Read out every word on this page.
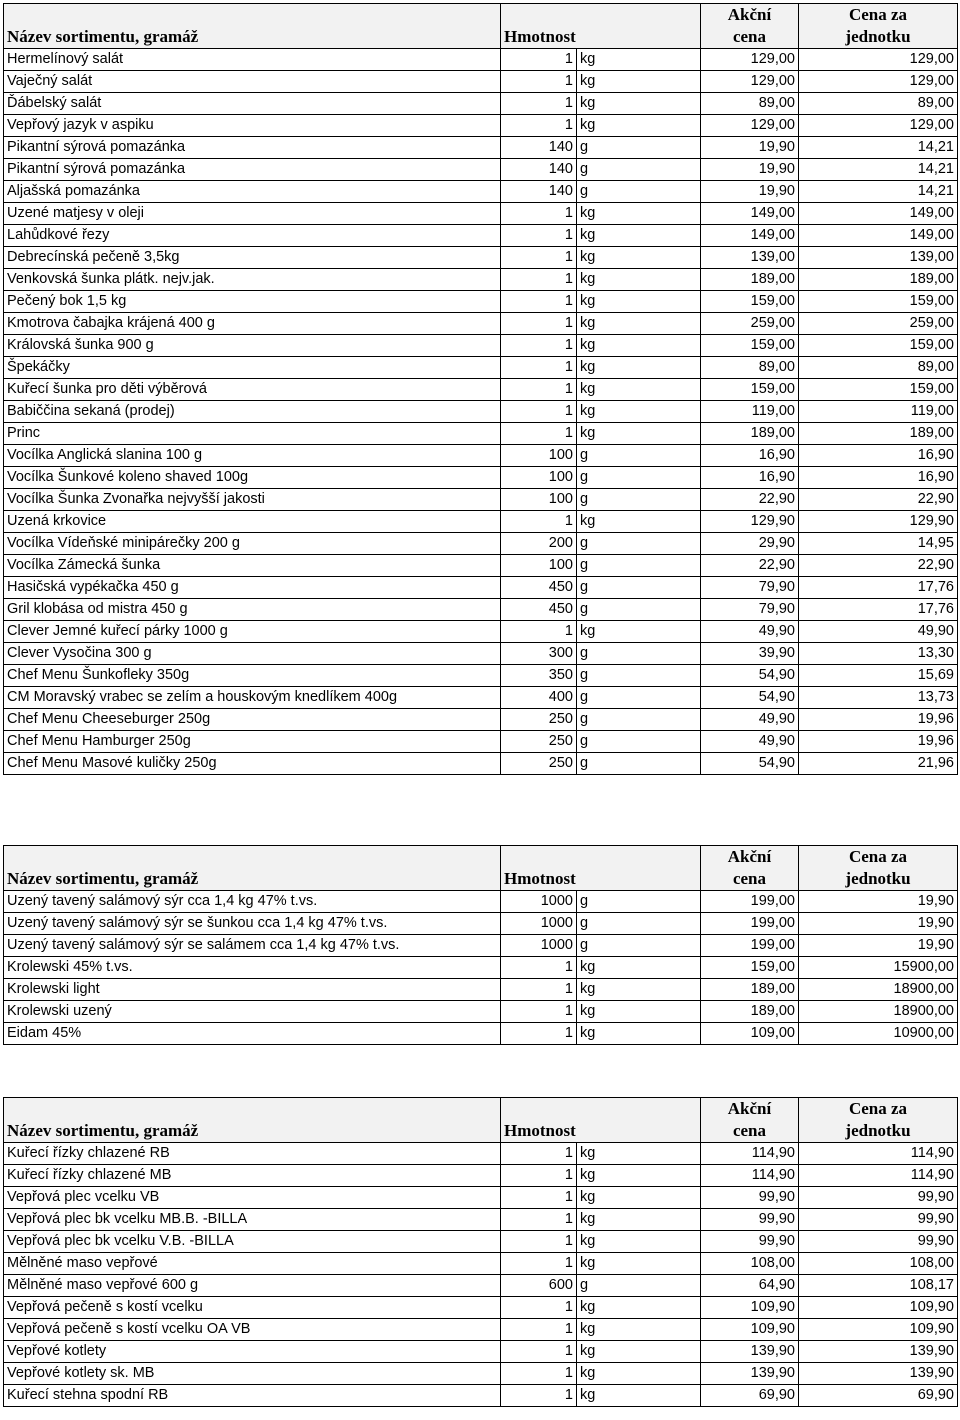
Název sortimentu, gramáž	Hmotnost		Akční
cena	Cena za
jednotku
Hermelínový salát	1	kg	129,00	129,00
Vaječný salát	1	kg	129,00	129,00
Ďábelský salát	1	kg	89,00	89,00
Vepřový jazyk v aspiku	1	kg	129,00	129,00
Pikantní sýrová pomazánka	140	g	19,90	14,21
Pikantní sýrová pomazánka	140	g	19,90	14,21
Aljašská pomazánka	140	g	19,90	14,21
Uzené matjesy v oleji	1	kg	149,00	149,00
Lahůdkové řezy	1	kg	149,00	149,00
Debrecínská pečeně 3,5kg	1	kg	139,00	139,00
Venkovská šunka plátk. nejv.jak.	1	kg	189,00	189,00
Pečený bok 1,5 kg	1	kg	159,00	159,00
Kmotrova čabajka krájená 400 g	1	kg	259,00	259,00
Královská šunka 900 g	1	kg	159,00	159,00
Špekáčky	1	kg	89,00	89,00
Kuřecí šunka pro děti výběrová	1	kg	159,00	159,00
Babiččina sekaná (prodej)	1	kg	119,00	119,00
Princ	1	kg	189,00	189,00
Vocílka Anglická slanina 100 g	100	g	16,90	16,90
Vocílka Šunkové koleno shaved 100g	100	g	16,90	16,90
Vocílka Šunka Zvonařka nejvyšší jakosti	100	g	22,90	22,90
Uzená krkovice	1	kg	129,90	129,90
Vocílka Vídeňské minipárečky 200 g	200	g	29,90	14,95
Vocílka Zámecká šunka	100	g	22,90	22,90
Hasičská vypékačka 450 g	450	g	79,90	17,76
Gril klobása od mistra 450 g	450	g	79,90	17,76
Clever Jemné kuřecí párky 1000 g	1	kg	49,90	49,90
Clever Vysočina 300 g	300	g	39,90	13,30
Chef Menu Šunkofleky 350g	350	g	54,90	15,69
CM Moravský vrabec se zelím a houskovým knedlíkem 400g	400	g	54,90	13,73
Chef Menu Cheeseburger 250g	250	g	49,90	19,96
Chef Menu Hamburger 250g	250	g	49,90	19,96
Chef Menu Masové kuličky 250g	250	g	54,90	21,96
Název sortimentu, gramáž	Hmotnost		Akční
cena	Cena za
jednotku
Uzený tavený salámový sýr cca 1,4 kg 47% t.vs.	1000	g	199,00	19,90
Uzený tavený salámový sýr se šunkou cca 1,4 kg 47% t.vs.	1000	g	199,00	19,90
Uzený tavený salámový sýr se salámem cca 1,4 kg 47% t.vs.	1000	g	199,00	19,90
Krolewski 45% t.vs.	1	kg	159,00	15900,00
Krolewski light	1	kg	189,00	18900,00
Krolewski uzený	1	kg	189,00	18900,00
Eidam 45%	1	kg	109,00	10900,00
Název sortimentu, gramáž	Hmotnost		Akční
cena	Cena za
jednotku
Kuřecí řízky chlazené RB	1	kg	114,90	114,90
Kuřecí řízky chlazené MB	1	kg	114,90	114,90
Vepřová plec vcelku VB	1	kg	99,90	99,90
Vepřová plec bk vcelku MB.B. -BILLA	1	kg	99,90	99,90
Vepřová plec bk vcelku V.B. -BILLA	1	kg	99,90	99,90
Mělněné maso vepřové	1	kg	108,00	108,00
Mělněné maso vepřové 600 g	600	g	64,90	108,17
Vepřová pečeně s kostí vcelku	1	kg	109,90	109,90
Vepřová pečeně s kostí vcelku OA VB	1	kg	109,90	109,90
Vepřové kotlety	1	kg	139,90	139,90
Vepřové kotlety sk. MB	1	kg	139,90	139,90
Kuřecí stehna spodní RB	1	kg	69,90	69,90
